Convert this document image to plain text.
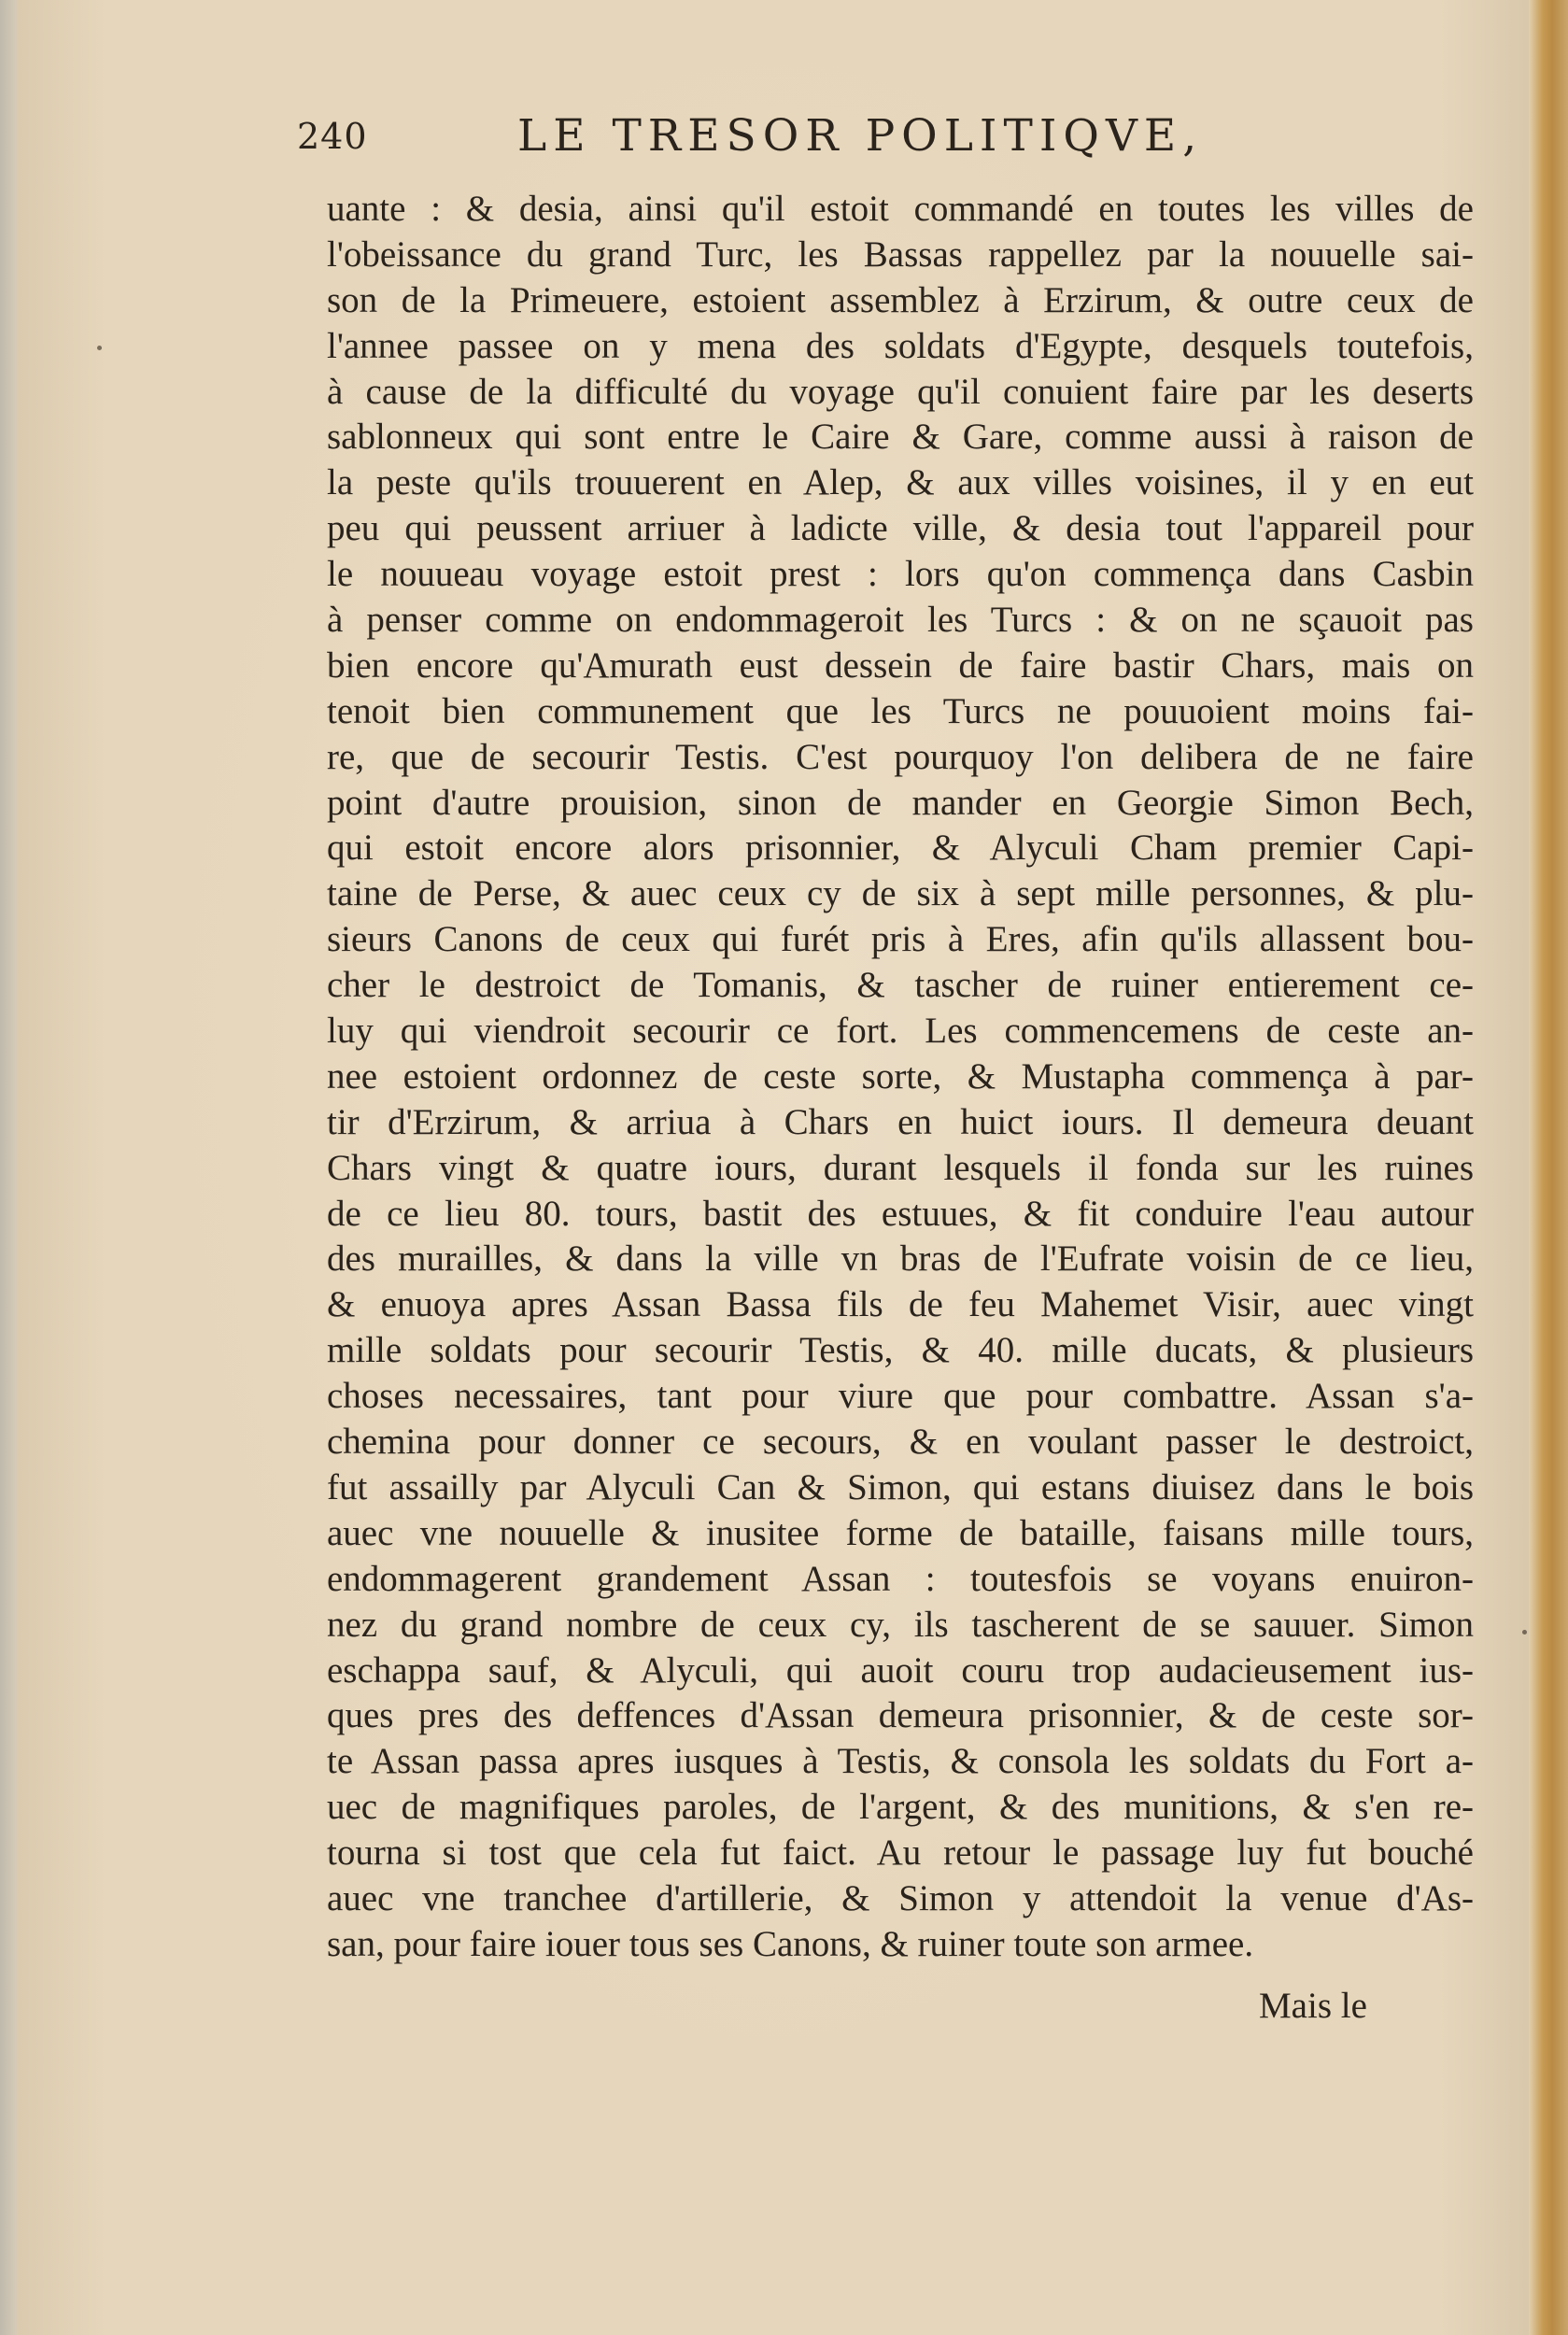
240	LE TRESOR POLITIQVE,
uante : & desia, ainsi qu'il estoit commandé en toutes les villes de
l'obeissance du grand Turc, les Bassas rappellez par la nouuelle sai-
son de la Primeuere, estoient assemblez à Erzirum, & outre ceux de
l'annee passee on y mena des soldats d'Egypte, desquels toutefois,
à cause de la difficulté du voyage qu'il conuient faire par les deserts
sablonneux qui sont entre le Caire & Gare, comme aussi à raison de
la peste qu'ils trouuerent en Alep, & aux villes voisines, il y en eut
peu qui peussent arriuer à ladicte ville, & desia tout l'appareil pour
le nouueau voyage estoit prest : lors qu'on commença dans Casbin
à penser comme on endommageroit les Turcs : & on ne sçauoit pas
bien encore qu'Amurath eust dessein de faire bastir Chars, mais on
tenoit bien communement que les Turcs ne pouuoient moins fai-
re, que de secourir Testis. C'est pourquoy l'on delibera de ne faire
point d'autre prouision, sinon de mander en Georgie Simon Bech,
qui estoit encore alors prisonnier, & Alyculi Cham premier Capi-
taine de Perse, & auec ceux cy de six à sept mille personnes, & plu-
sieurs Canons de ceux qui furét pris à Eres, afin qu'ils allassent bou-
cher le destroict de Tomanis, & tascher de ruiner entierement ce-
luy qui viendroit secourir ce fort. Les commencemens de ceste an-
nee estoient ordonnez de ceste sorte, & Mustapha commença à par-
tir d'Erzirum, & arriua à Chars en huict iours. Il demeura deuant
Chars vingt & quatre iours, durant lesquels il fonda sur les ruines
de ce lieu 80. tours, bastit des estuues, & fit conduire l'eau autour
des murailles, & dans la ville vn bras de l'Eufrate voisin de ce lieu,
& enuoya apres Assan Bassa fils de feu Mahemet Visir, auec vingt
mille soldats pour secourir Testis, & 40. mille ducats, & plusieurs
choses necessaires, tant pour viure que pour combattre. Assan s'a-
chemina pour donner ce secours, & en voulant passer le destroict,
fut assailly par Alyculi Can & Simon, qui estans diuisez dans le bois
auec vne nouuelle & inusitee forme de bataille, faisans mille tours,
endommagerent grandement Assan : toutesfois se voyans enuiron-
nez du grand nombre de ceux cy, ils tascherent de se sauuer. Simon
eschappa sauf, & Alyculi, qui auoit couru trop audacieusement ius-
ques pres des deffences d'Assan demeura prisonnier, & de ceste sor-
te Assan passa apres iusques à Testis, & consola les soldats du Fort a-
uec de magnifiques paroles, de l'argent, & des munitions, & s'en re-
tourna si tost que cela fut faict. Au retour le passage luy fut bouché
auec vne tranchee d'artillerie, & Simon y attendoit la venue d'As-
san, pour faire iouer tous ses Canons, & ruiner toute son armee.
Mais le
